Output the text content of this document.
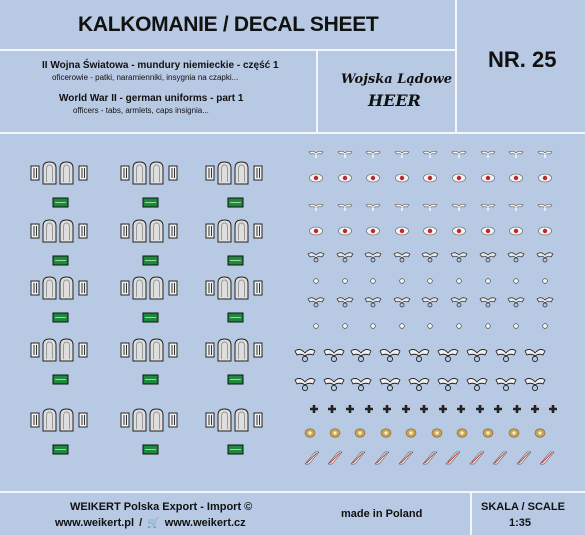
KALKOMANIE / DECAL SHEET
NR. 25
II Wojna Światowa - mundury niemieckie - część 1
oficerowie - patki, naramienniki, insygnia na czapki...
World War II - german uniforms - part 1
officers - tabs, armlets, caps insignia...
Wojska Lądowe
HEER
WEIKERT Polska Export - Import ©
www.weikert.pl / 🛒 www.weikert.cz
made in Poland
SKALA / SCALE
1:35
